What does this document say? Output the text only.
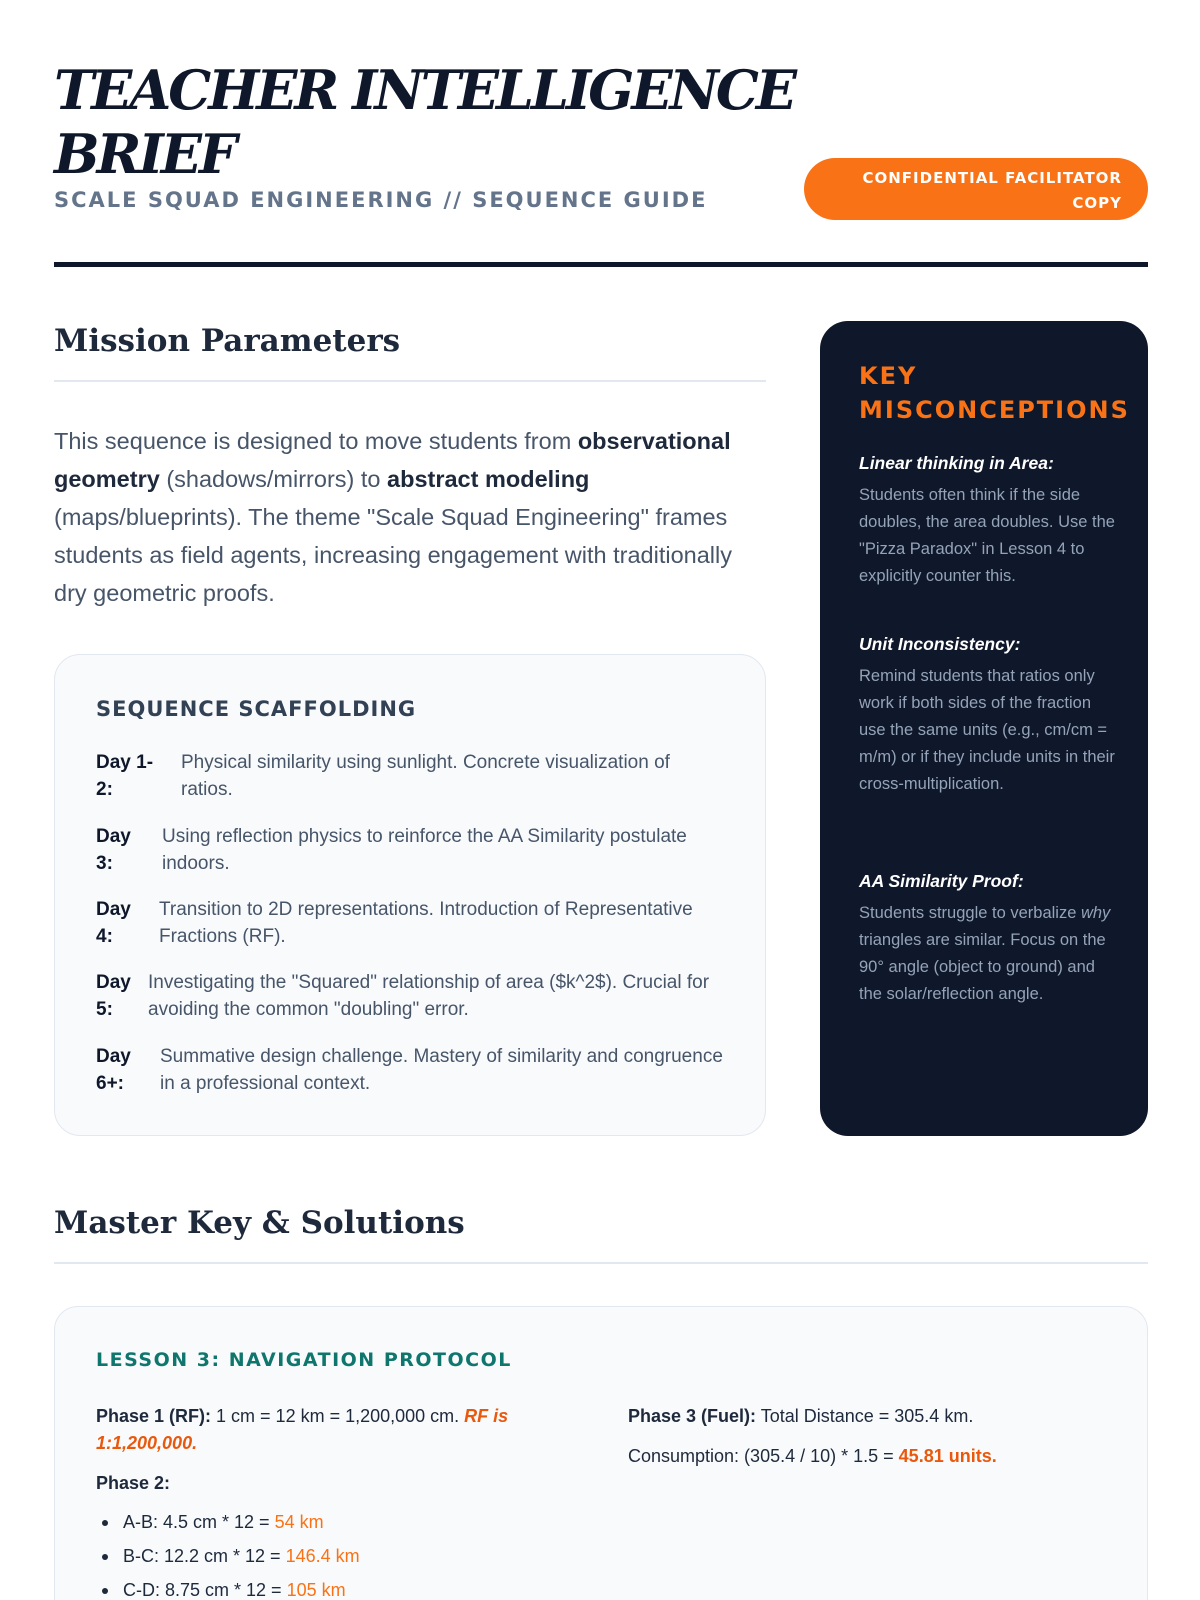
TEACHER INTELLIGENCE BRIEF
SCALE SQUAD ENGINEERING // SEQUENCE GUIDE
CONFIDENTIAL FACILITATOR COPY
Mission Parameters

This sequence is designed to move students from observational geometry (shadows/mirrors) to abstract modeling (maps/blueprints). The theme "Scale Squad Engineering" frames students as field agents, increasing engagement with traditionally dry geometric proofs.

SEQUENCE SCAFFOLDING
Day 1-2:
Physical similarity using sunlight. Concrete visualization of ratios.
Day 3:
Using reflection physics to reinforce the AA Similarity postulate indoors.
Day 4:
Transition to 2D representations. Introduction of Representative Fractions (RF).
Day 5:
Investigating the "Squared" relationship of area ($k^2$). Crucial for avoiding the common "doubling" error.
Day 6+:
Summative design challenge. Mastery of similarity and congruence in a professional context.
KEY MISCONCEPTIONS
Linear thinking in Area:
Students often think if the side doubles, the area doubles. Use the "Pizza Paradox" in Lesson 4 to explicitly counter this.
Unit Inconsistency:
Remind students that ratios only work if both sides of the fraction use the same units (e.g., cm/cm = m/m) or if they include units in their cross-multiplication.
AA Similarity Proof:
Students struggle to verbalize why triangles are similar. Focus on the 90° angle (object to ground) and the solar/reflection angle.
Master Key & Solutions
LESSON 3: NAVIGATION PROTOCOL

Phase 1 (RF): 1 cm = 12 km = 1,200,000 cm. RF is 1:1,200,000.

Phase 2:

A-B: 4.5 cm * 12 = 54 km
B-C: 12.2 cm * 12 = 146.4 km
C-D: 8.75 cm * 12 = 105 km

Phase 3 (Fuel): Total Distance = 305.4 km.

Consumption: (305.4 / 10) * 1.5 = 45.81 units.
